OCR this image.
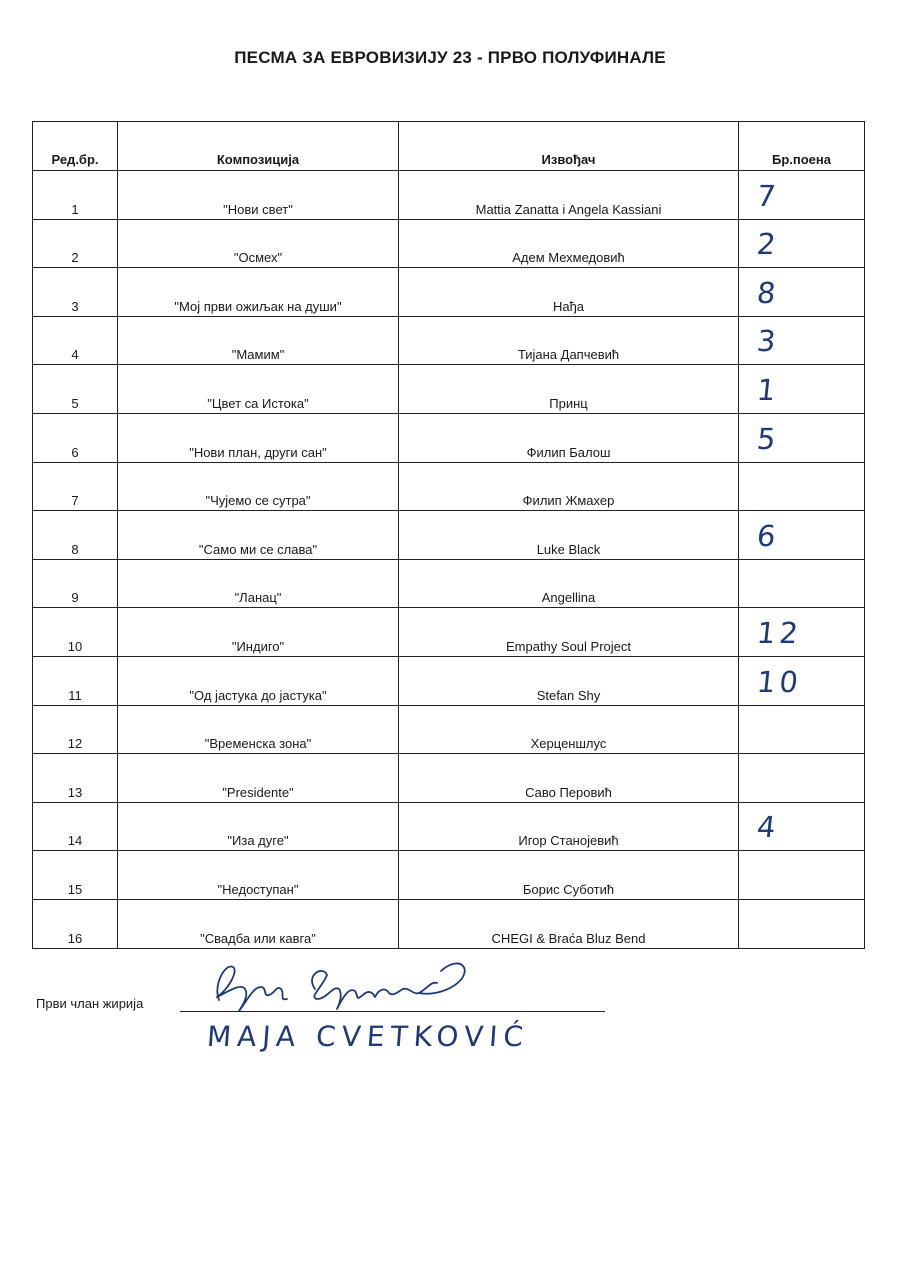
ПЕСМА ЗА ЕВРОВИЗИЈУ 23 - ПРВО ПОЛУФИНАЛЕ
Ред.бр.	Композиција	Извођач	Бр.поена
1	"Нови свет"	Mattia Zanatta i Angela Kassiani	7

2	"Осмех"	Адем Мехмедовић	2

3	"Мој први ожиљак на души"	Нађа	8

4	"Мамим"	Тијана Дапчевић	3

5	"Цвет са Истока"	Принц	1

6	"Нови план, други сан"	Филип Балош	5

7	"Чујемо се сутра"	Филип Жмахер	

8	"Само ми се слава"	Luke Black	6

9	"Ланац"	Angellina	

10	"Индиго"	Empathy Soul Project	12

11	"Од јастука до јастука"	Stefan Shy	10

12	"Временска зона"	Херценшлус	

13	"Presidente"	Саво Перовић	

14	"Иза дуге"	Игор Станојевић	4

15	"Недоступан"	Борис Суботић	

16	"Свадба или кавга"	CHEGI & Braća Bluz Bend	
Први члан жирија
MAJA CVETKOVIĆ
